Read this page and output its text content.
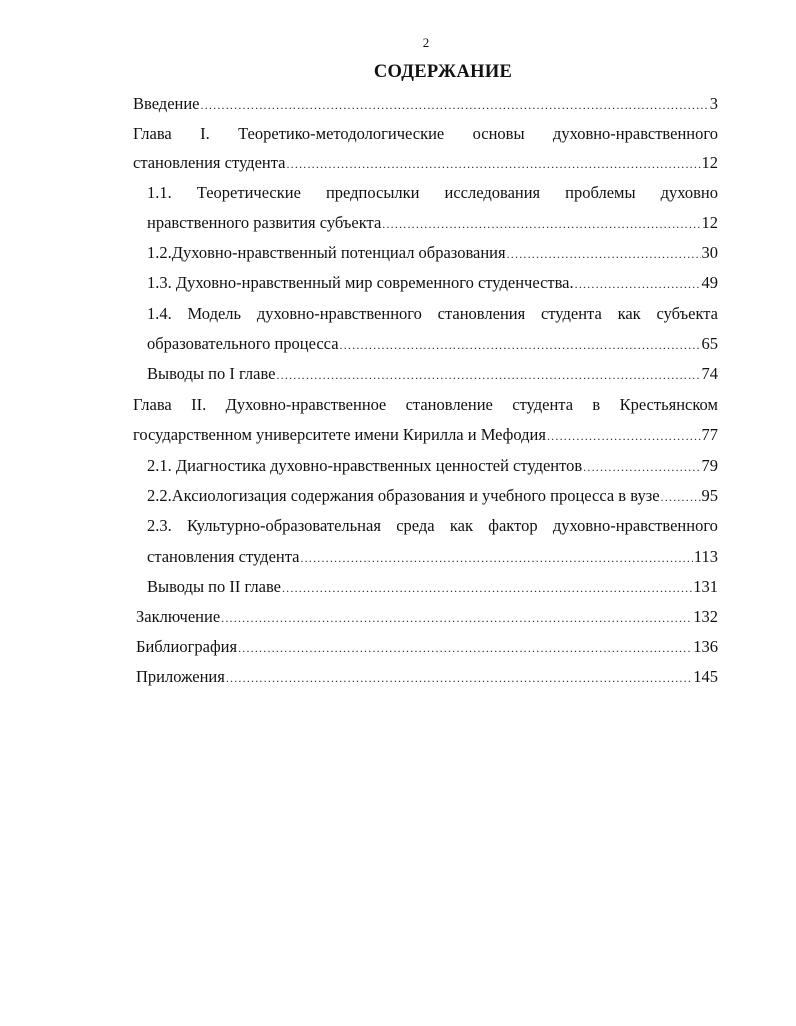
2
СОДЕРЖАНИЕ
Введение .....	3
Глава I. Теоретико-методологические основы духовно-нравственного
становления студента .....	12
1.1. Теоретические предпосылки исследования проблемы духовно
нравственного развития субъекта .....	12
1.2.Духовно-нравственный потенциал образования .....	30
1.3. Духовно-нравственный мир современного студенчества. .....	49
1.4. Модель духовно-нравственного становления студента как субъекта
образовательного процесса .....	65
Выводы по I главе .....	74
Глава II. Духовно-нравственноe становление студента в Крестьянском
государственном университете имени Кирилла и Мефодия .....	77
2.1. Диагностика духовно-нравственных ценностей студентов .....	79
2.2.Аксиологизация содержания образования и учебного процесса в вузе .....	95
2.3. Культурно-образовательная среда как фактор духовно-нравственного
становления студента .....	113
Выводы по II главе .....	131
Заключение .....	132
Библиография .....	136
Приложения .....	145
